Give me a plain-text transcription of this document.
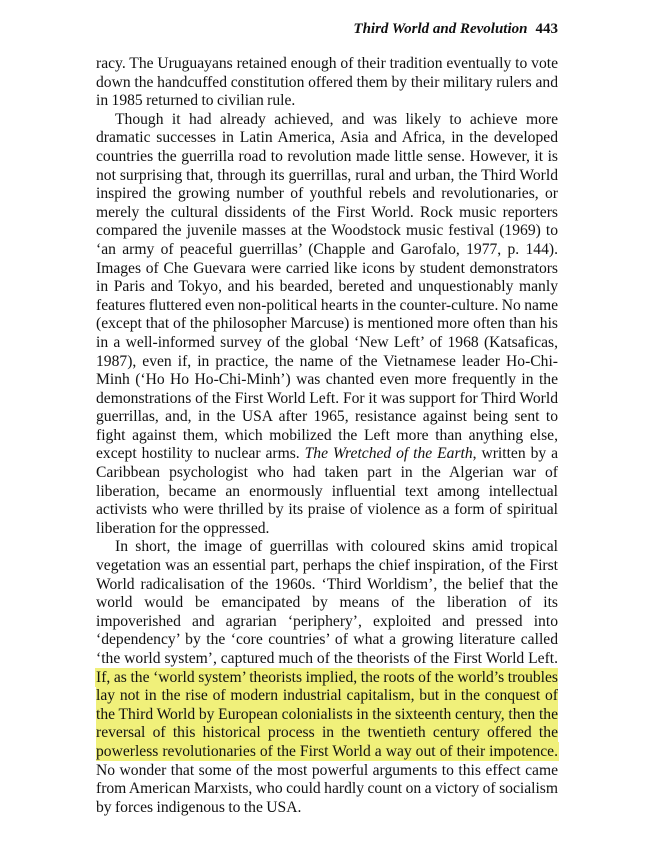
Third World and Revolution 443

racy. The Uruguayans retained enough of their tradition eventually to vote down the handcuffed constitution offered them by their military rulers and in 1985 returned to civilian rule.

Though it had already achieved, and was likely to achieve more dramatic successes in Latin America, Asia and Africa, in the developed countries the guerrilla road to revolution made little sense. However, it is not surprising that, through its guerrillas, rural and urban, the Third World inspired the growing number of youthful rebels and revolutionaries, or merely the cultural dissidents of the First World. Rock music reporters compared the juvenile masses at the Woodstock music festival (1969) to ‘an army of peaceful guerrillas’ (Chapple and Garofalo, 1977, p. 144). Images of Che Guevara were carried like icons by student demonstrators in Paris and Tokyo, and his bearded, bereted and unquestionably manly features fluttered even non-political hearts in the counter-culture. No name (except that of the philosopher Marcuse) is mentioned more often than his in a well-informed survey of the global ‘New Left’ of 1968 (Katsaficas, 1987), even if, in practice, the name of the Vietnamese leader Ho-Chi-Minh (‘Ho Ho Ho-Chi-Minh’) was chanted even more frequently in the demonstrations of the First World Left. For it was support for Third World guerrillas, and, in the USA after 1965, resistance against being sent to fight against them, which mobilized the Left more than anything else, except hostility to nuclear arms. The Wretched of the Earth, written by a Caribbean psychologist who had taken part in the Algerian war of liberation, became an enormously influential text among intellectual activists who were thrilled by its praise of violence as a form of spiritual liberation for the oppressed.

In short, the image of guerrillas with coloured skins amid tropical vegetation was an essential part, perhaps the chief inspiration, of the First World radicalisation of the 1960s. ‘Third Worldism’, the belief that the world would be emancipated by means of the liberation of its impoverished and agrarian ‘periphery’, exploited and pressed into ‘dependency’ by the ‘core countries’ of what a growing literature called ‘the world system’, captured much of the theorists of the First World Left. If, as the ‘world system’ theorists implied, the roots of the world’s troubles lay not in the rise of modern industrial capitalism, but in the conquest of the Third World by European colonialists in the sixteenth century, then the reversal of this historical process in the twentieth century offered the powerless revolutionaries of the First World a way out of their impotence. No wonder that some of the most powerful arguments to this effect came from American Marxists, who could hardly count on a victory of socialism by forces indigenous to the USA.
